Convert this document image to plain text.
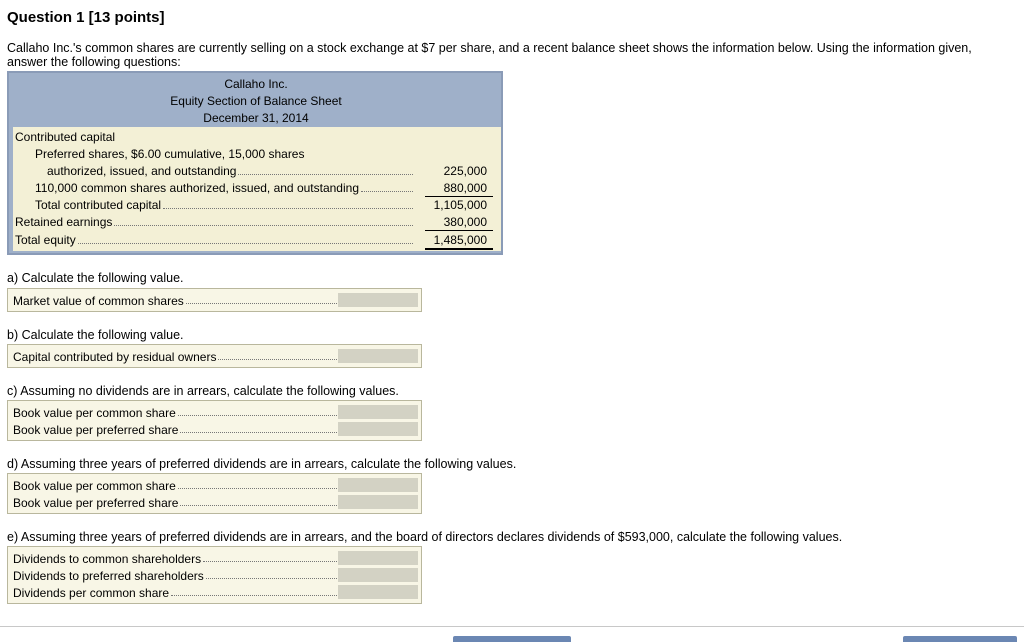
Question 1 [13 points]
Callaho Inc.'s common shares are currently selling on a stock exchange at $7 per share, and a recent balance sheet shows the information below. Using the information given, answer the following questions:
Callaho Inc.
Equity Section of Balance Sheet
December 31, 2014
Contributed capital
Preferred shares, $6.00 cumulative, 15,000 shares
authorized, issued, and outstanding	225,000
110,000 common shares authorized, issued, and outstanding	880,000
Total contributed capital	1,105,000
Retained earnings	380,000
Total equity	1,485,000
a) Calculate the following value.
Market value of common shares
b) Calculate the following value.
Capital contributed by residual owners
c) Assuming no dividends are in arrears, calculate the following values.
Book value per common share
Book value per preferred share
d) Assuming three years of preferred dividends are in arrears, calculate the following values.
Book value per common share
Book value per preferred share
e) Assuming three years of preferred dividends are in arrears, and the board of directors declares dividends of $593,000, calculate the following values.
Dividends to common shareholders
Dividends to preferred shareholders
Dividends per common share
